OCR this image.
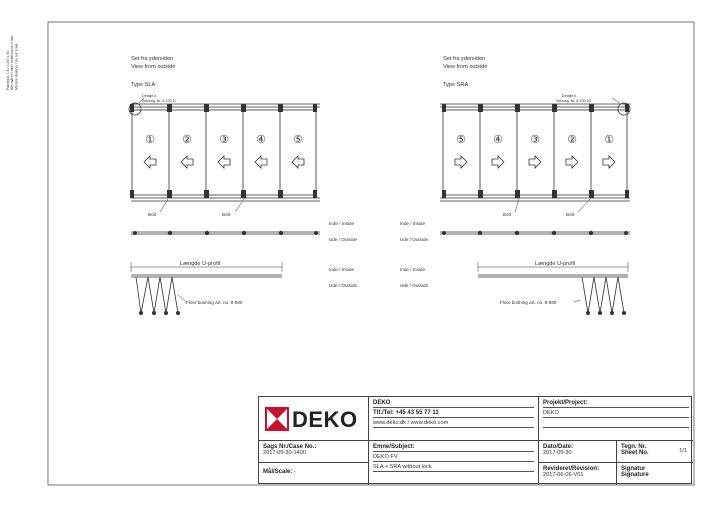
Fabriksm. 1:4 / 1:25 / 1:50 Alle mål er i mm / dimensions in mm Må ikke skaleres / do not scale	Set fra ydersiden
View from outside
Type SLA
Detalje A
Seksing. Nr. 8-100 1L
① ② ③ ④ ⑤
Bolt	Bolt
Inde / Inside
Ude / Outside
Inde / Inside
Ude / Outside
Længde U-profil
Floor bushing art. no. 8-880
Set fra ydersiden
View from outside
Type SRA
Detalje A
Seksing. Nr. 8-100 1R
⑤ ④ ③ ② ①
Bolt	Bolt
Inde / Inside
Ude / Outside
Inde / Inside
Ude / Outside
Længde U-profil
Floor bushing art. no. 8-880
DEKO
DEKO
Tlf./Tel: +45 43 55 77 11
www.deko.dk / www.deko.com
Projekt/Project:
DEKO
Sags Nr./Case No.:
2017-05-30-1400
Mål/Scale: -
Emne/Subject:
DEKO FV
SLA + SRA without lock
Dato/Date:
2017-05-30
Revideret/Revision:
2017-06-06-V01
Tegn. Nr.
Sheet No.	1/1
Signatur
Signature
